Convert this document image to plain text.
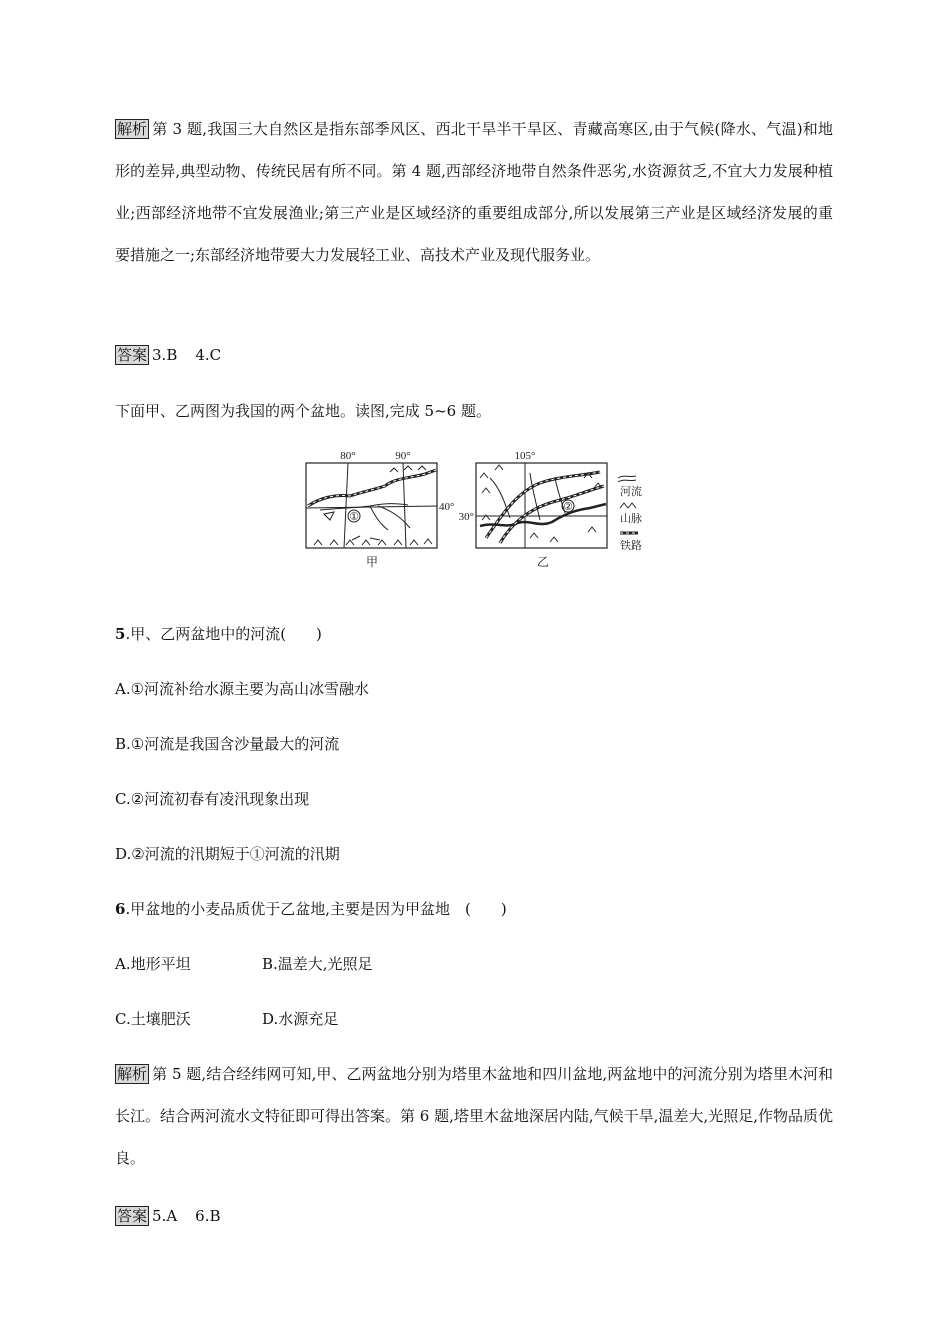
解析 第 3 题,我国三大自然区是指东部季风区、西北干旱半干旱区、青藏高寒区,由于气候(降水、气温)和地形的差异,典型动物、传统民居有所不同。第 4 题,西部经济地带自然条件恶劣,水资源贫乏,不宜大力发展种植业;西部经济地带不宜发展渔业;第三产业是区域经济的重要组成部分,所以发展第三产业是区域经济发展的重要措施之一;东部经济地带要大力发展轻工业、高技术产业及现代服务业。

答案 3.B 4.C
下面甲、乙两图为我国的两个盆地。读图,完成 5~6 题。
①
80°	90°
40°
甲
②
105°
30°
乙
河流
山脉
铁路
5.甲、乙两盆地中的河流(　　)
A.①河流补给水源主要为高山冰雪融水
B.①河流是我国含沙量最大的河流
C.②河流初春有凌汛现象出现
D.②河流的汛期短于①河流的汛期
6.甲盆地的小麦品质优于乙盆地,主要是因为甲盆地　(　　)
A.地形平坦	B.温差大,光照足
C.土壤肥沃	D.水源充足

解析 第 5 题,结合经纬网可知,甲、乙两盆地分别为塔里木盆地和四川盆地,两盆地中的河流分别为塔里木河和长江。结合两河流水文特征即可得出答案。第 6 题,塔里木盆地深居内陆,气候干旱,温差大,光照足,作物品质优良。

答案 5.A 6.B
